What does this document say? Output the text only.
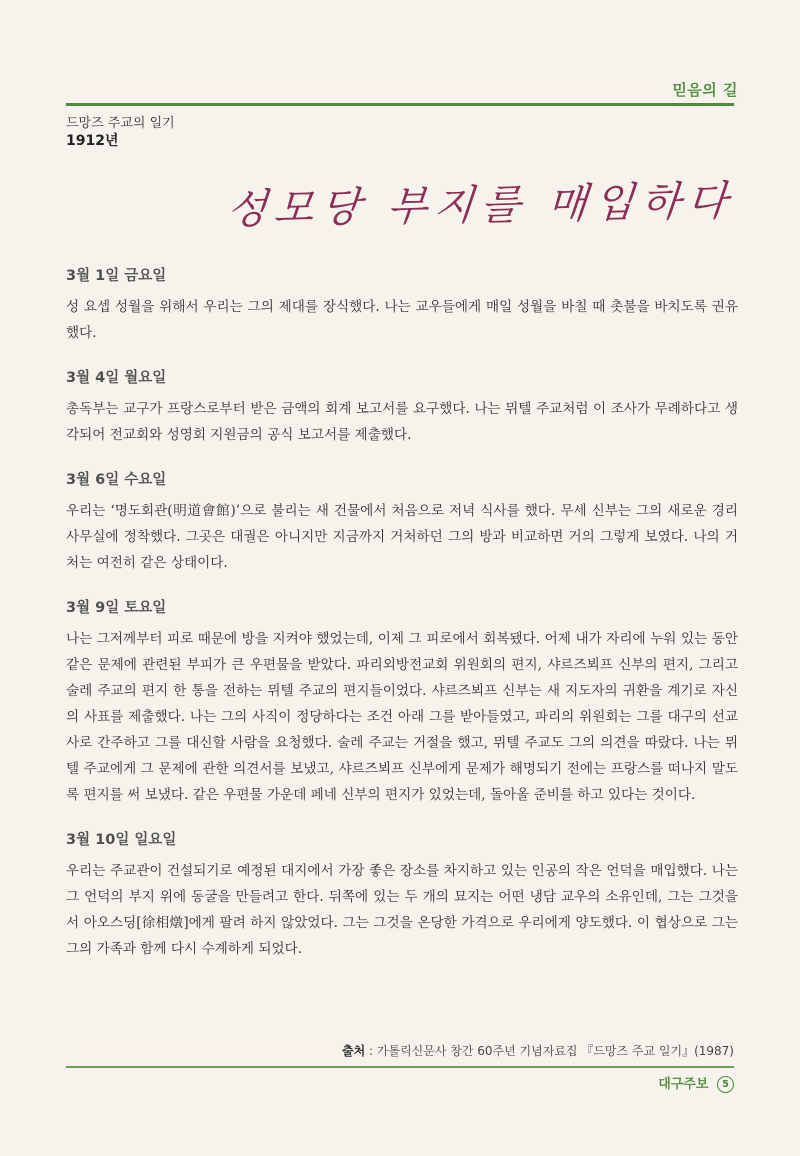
믿음의 길
드망즈 주교의 일기
1912년
성모당 부지를 매입하다
3월 1일 금요일

성 요셉 성월을 위해서 우리는 그의 제대를 장식했다. 나는 교우들에게 매일 성월을 바칠 때 촛불을 바치도록 권유했다.

3월 4일 월요일

총독부는 교구가 프랑스로부터 받은 금액의 회계 보고서를 요구했다. 나는 뮈텔 주교처럼 이 조사가 무례하다고 생각되어 전교회와 성영회 지원금의 공식 보고서를 제출했다.

3월 6일 수요일

우리는 ‘명도회관(明道會館)’으로 불리는 새 건물에서 처음으로 저녁 식사를 했다. 무세 신부는 그의 새로운 경리 사무실에 정착했다. 그곳은 대궐은 아니지만 지금까지 거처하던 그의 방과 비교하면 거의 그렇게 보였다. 나의 거처는 여전히 같은 상태이다.

3월 9일 토요일

나는 그저께부터 피로 때문에 방을 지켜야 했었는데, 이제 그 피로에서 회복됐다. 어제 내가 자리에 누워 있는 동안 같은 문제에 관련된 부피가 큰 우편물을 받았다. 파리외방전교회 위원회의 편지, 샤르즈뵈프 신부의 편지, 그리고 술레 주교의 편지 한 통을 전하는 뮈텔 주교의 편지들이었다. 샤르즈뵈프 신부는 새 지도자의 귀환을 계기로 자신의 사표를 제출했다. 나는 그의 사직이 정당하다는 조건 아래 그를 받아들였고, 파리의 위원회는 그를 대구의 선교사로 간주하고 그를 대신할 사람을 요청했다. 술레 주교는 거절을 했고, 뮈텔 주교도 그의 의견을 따랐다. 나는 뮈텔 주교에게 그 문제에 관한 의견서를 보냈고, 샤르즈뵈프 신부에게 문제가 해명되기 전에는 프랑스를 떠나지 말도록 편지를 써 보냈다. 같은 우편물 가운데 페네 신부의 편지가 있었는데, 돌아올 준비를 하고 있다는 것이다.

3월 10일 일요일

우리는 주교관이 건설되기로 예정된 대지에서 가장 좋은 장소를 차지하고 있는 인공의 작은 언덕을 매입했다. 나는 그 언덕의 부지 위에 동굴을 만들려고 한다. 뒤쪽에 있는 두 개의 묘지는 어떤 냉담 교우의 소유인데, 그는 그것을 서 아오스딩[徐相燉]에게 팔려 하지 않았었다. 그는 그것을 온당한 가격으로 우리에게 양도했다. 이 협상으로 그는 그의 가족과 함께 다시 수계하게 되었다.

출처 : 가톨릭신문사 창간 60주년 기념자료집 『드망즈 주교 일기』(1987)
대구주보 5
